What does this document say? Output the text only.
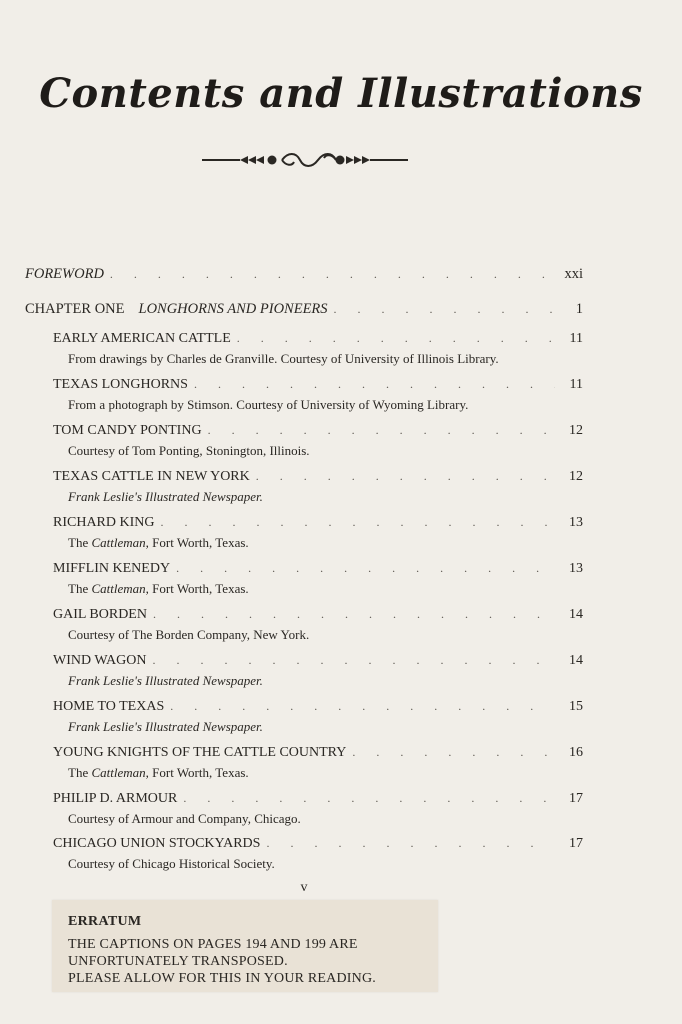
Contents and Illustrations
FOREWORD . . .	xxi
CHAPTER ONE LONGHORNS AND PIONEERS . . .	1
EARLY AMERICAN CATTLE . . .	11
From drawings by Charles de Granville. Courtesy of University of Illinois Library.
TEXAS LONGHORNS . . .	11
From a photograph by Stimson. Courtesy of University of Wyoming Library.
TOM CANDY PONTING . . .	12
Courtesy of Tom Ponting, Stonington, Illinois.
TEXAS CATTLE IN NEW YORK . . .	12
Frank Leslie's Illustrated Newspaper.
RICHARD KING . . .	13
The Cattleman, Fort Worth, Texas.
MIFFLIN KENEDY . . .	13
The Cattleman, Fort Worth, Texas.
GAIL BORDEN . . .	14
Courtesy of The Borden Company, New York.
WIND WAGON . . .	14
Frank Leslie's Illustrated Newspaper.
HOME TO TEXAS . . .	15
Frank Leslie's Illustrated Newspaper.
YOUNG KNIGHTS OF THE CATTLE COUNTRY . . .	16
The Cattleman, Fort Worth, Texas.
PHILIP D. ARMOUR . . .	17
Courtesy of Armour and Company, Chicago.
CHICAGO UNION STOCKYARDS . . .	17
Courtesy of Chicago Historical Society.
v
ERRATUM
THE CAPTIONS ON PAGES 194 AND 199 ARE
UNFORTUNATELY TRANSPOSED.
PLEASE ALLOW FOR THIS IN YOUR READING.
